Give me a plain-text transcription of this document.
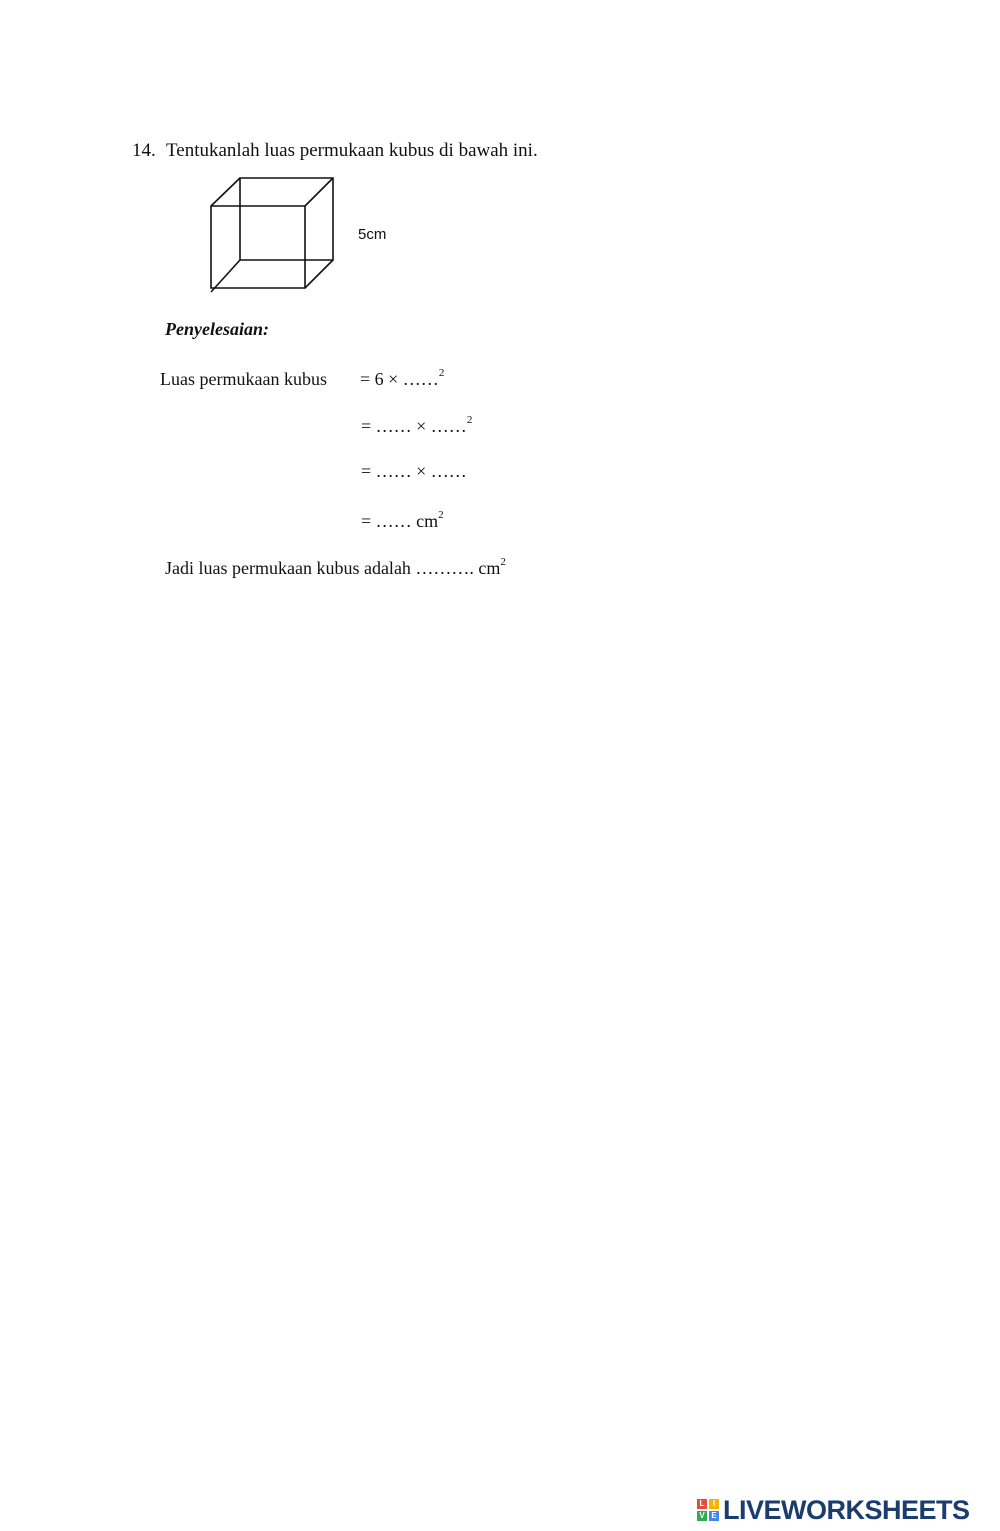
14. Tentukanlah luas permukaan kubus di bawah ini.
5cm
Penyelesaian:
Luas permukaan kubus = 6 × ……$^2$
= …… × ……$^2$
= …… × ……
= …… $cm^2$
Jadi luas permukaan kubus adalah ………. $cm^2$
L	I
V E LIVEWORKSHEETS
